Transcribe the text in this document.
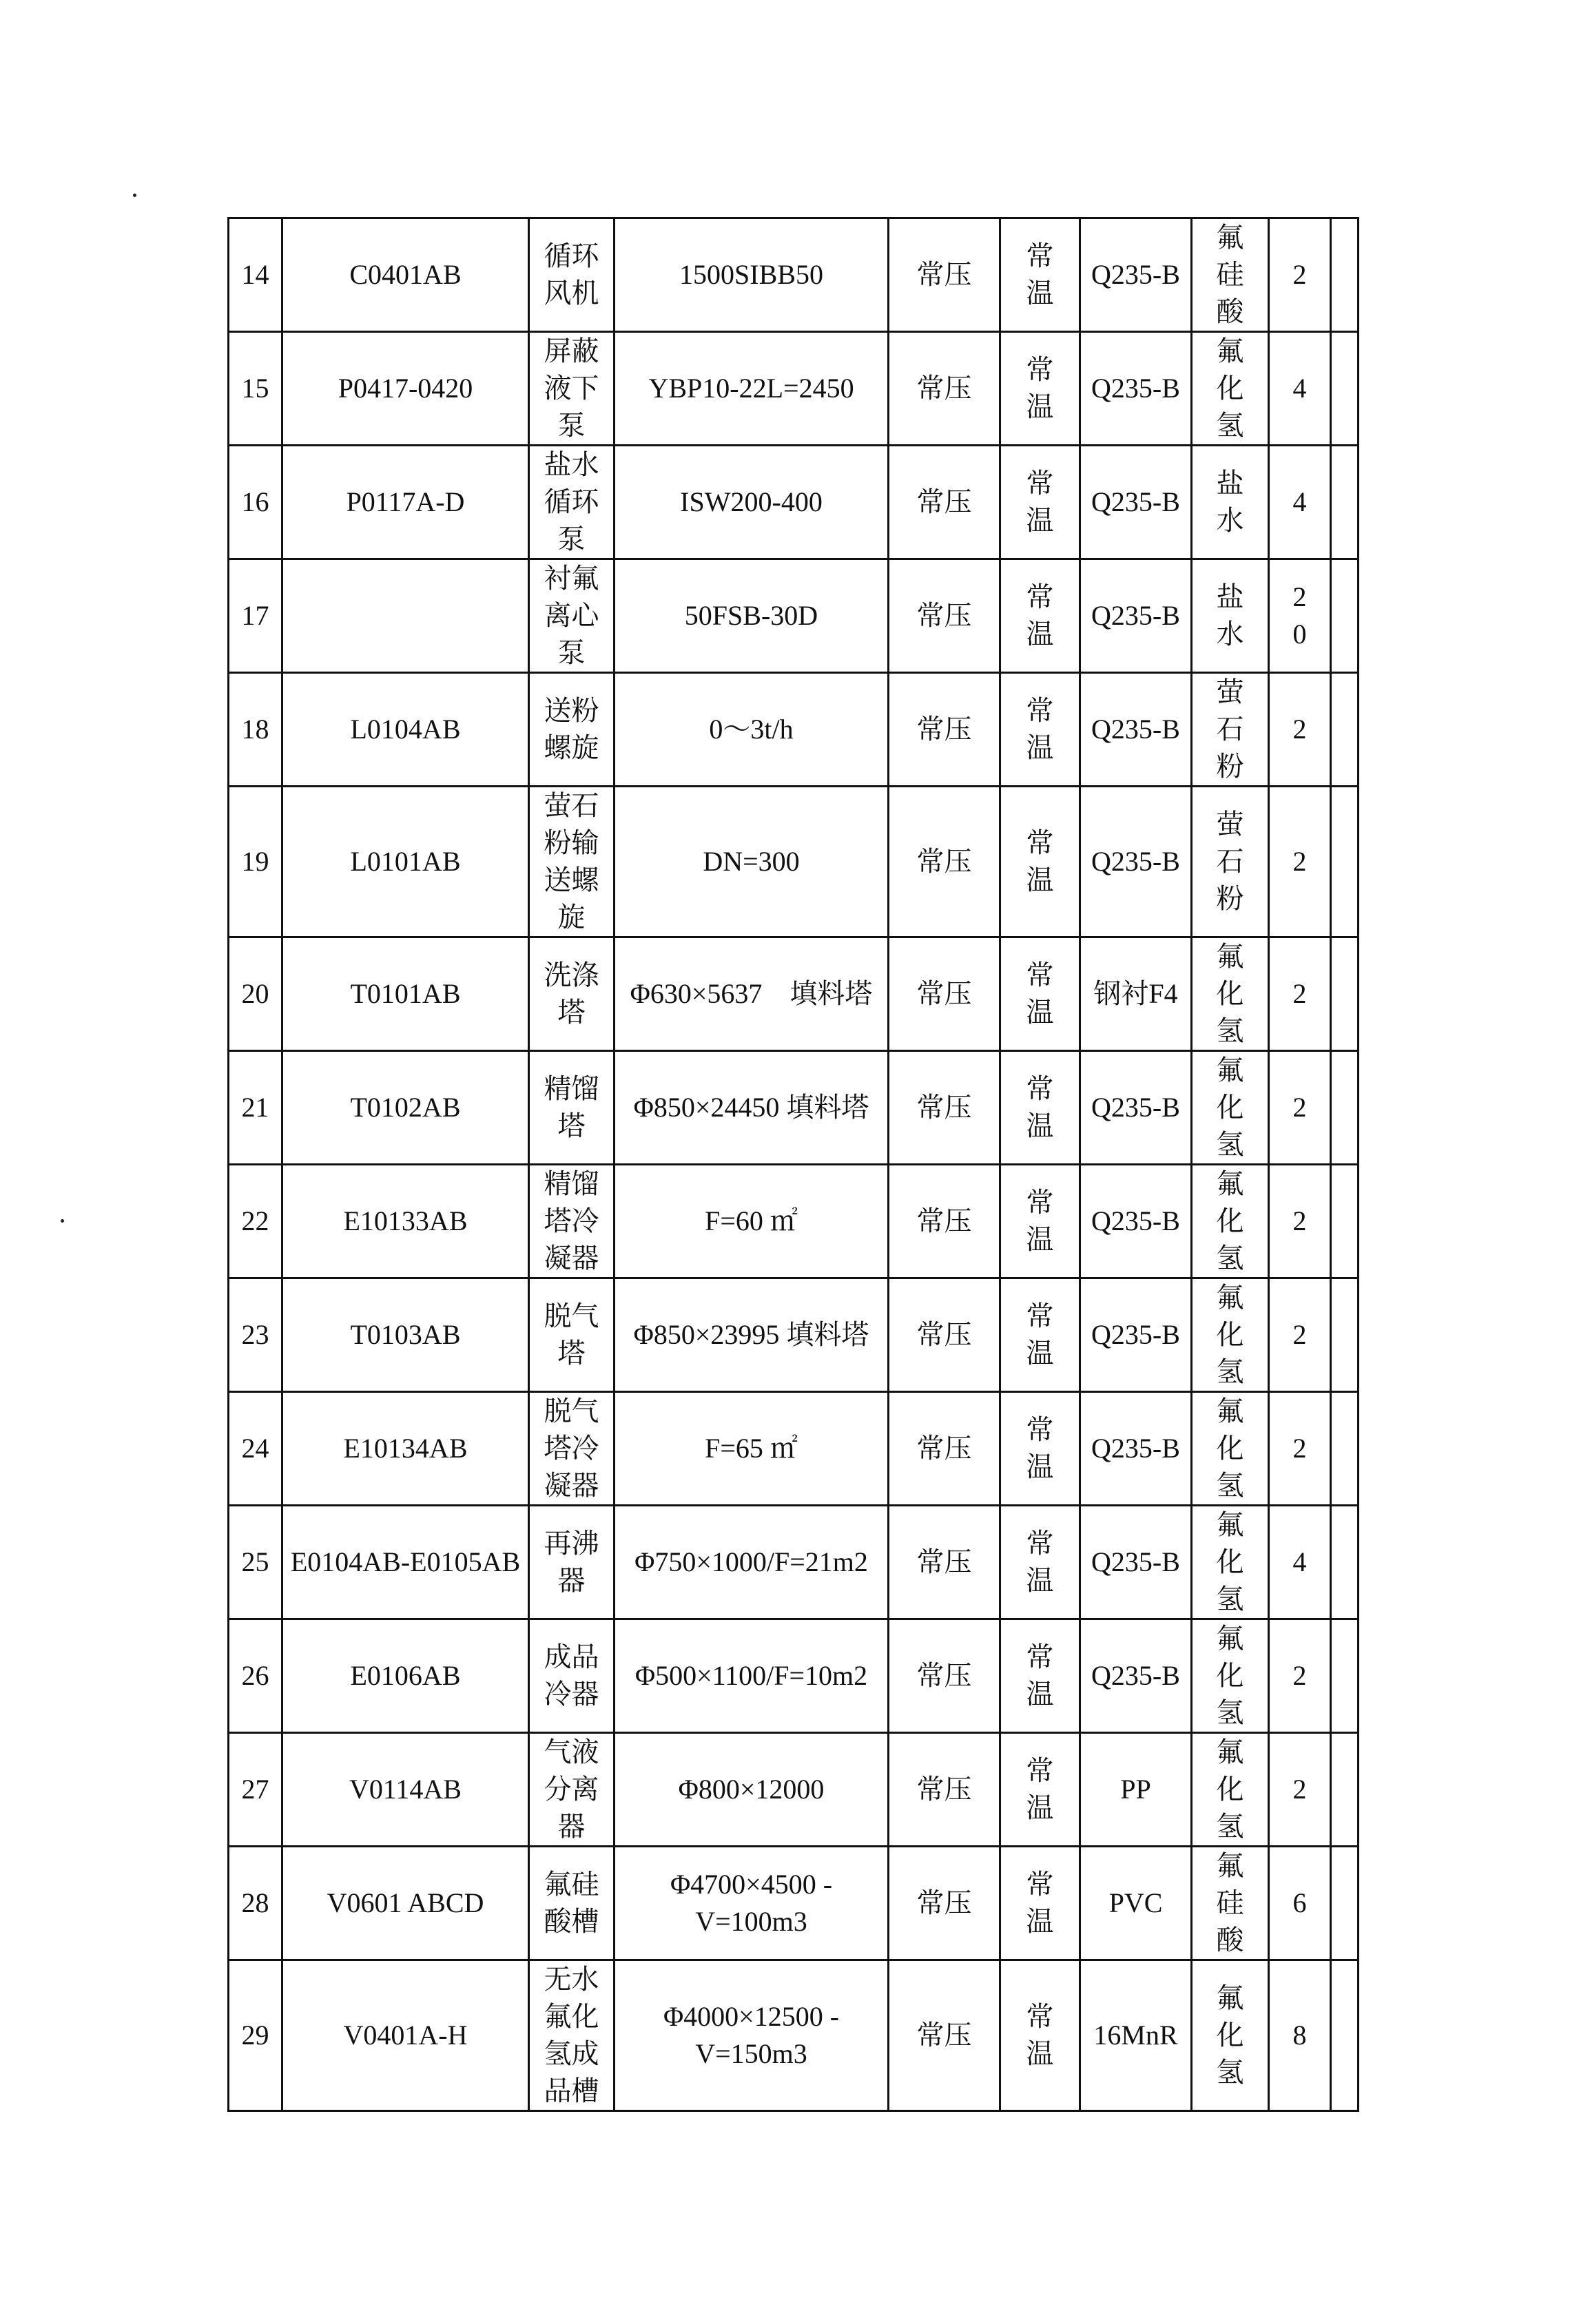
14	C0401AB	循环风机	1500SIBB50	常压	常温	Q235-B	氟硅酸	2	
15	P0417-0420	屏蔽液下泵	YBP10-22L=2450	常压	常温	Q235-B	氟化氢	4	
16	P0117A-D	盐水循环泵	ISW200-400	常压	常温	Q235-B	盐水	4	
17		衬氟离心泵	50FSB-30D	常压	常温	Q235-B	盐水	20	
18	L0104AB	送粉螺旋	0～3t/h	常压	常温	Q235-B	萤石粉	2	
19	L0101AB	萤石粉输送螺旋	DN=300	常压	常温	Q235-B	萤石粉	2	
20	T0101AB	洗涤塔	Φ630×5637　填料塔	常压	常温	钢衬F4	氟化氢	2	
21	T0102AB	精馏塔	Φ850×24450 填料塔	常压	常温	Q235-B	氟化氢	2	
22	E10133AB	精馏塔冷凝器	F=60 ㎡	常压	常温	Q235-B	氟化氢	2	
23	T0103AB	脱气塔	Φ850×23995 填料塔	常压	常温	Q235-B	氟化氢	2	
24	E10134AB	脱气塔冷凝器	F=65 ㎡	常压	常温	Q235-B	氟化氢	2	
25	E0104AB-E0105AB	再沸器	Φ750×1000/F=21m2	常压	常温	Q235-B	氟化氢	4	
26	E0106AB	成品冷器	Φ500×1100/F=10m2	常压	常温	Q235-B	氟化氢	2	
27	V0114AB	气液分离器	Φ800×12000	常压	常温	PP	氟化氢	2	
28	V0601 ABCD	氟硅酸槽	Φ4700×4500 -V=100m3	常压	常温	PVC	氟硅酸	6	
29	V0401A-H	无水氟化氢成品槽	Φ4000×12500 -V=150m3	常压	常温	16MnR	氟化氢	8	
